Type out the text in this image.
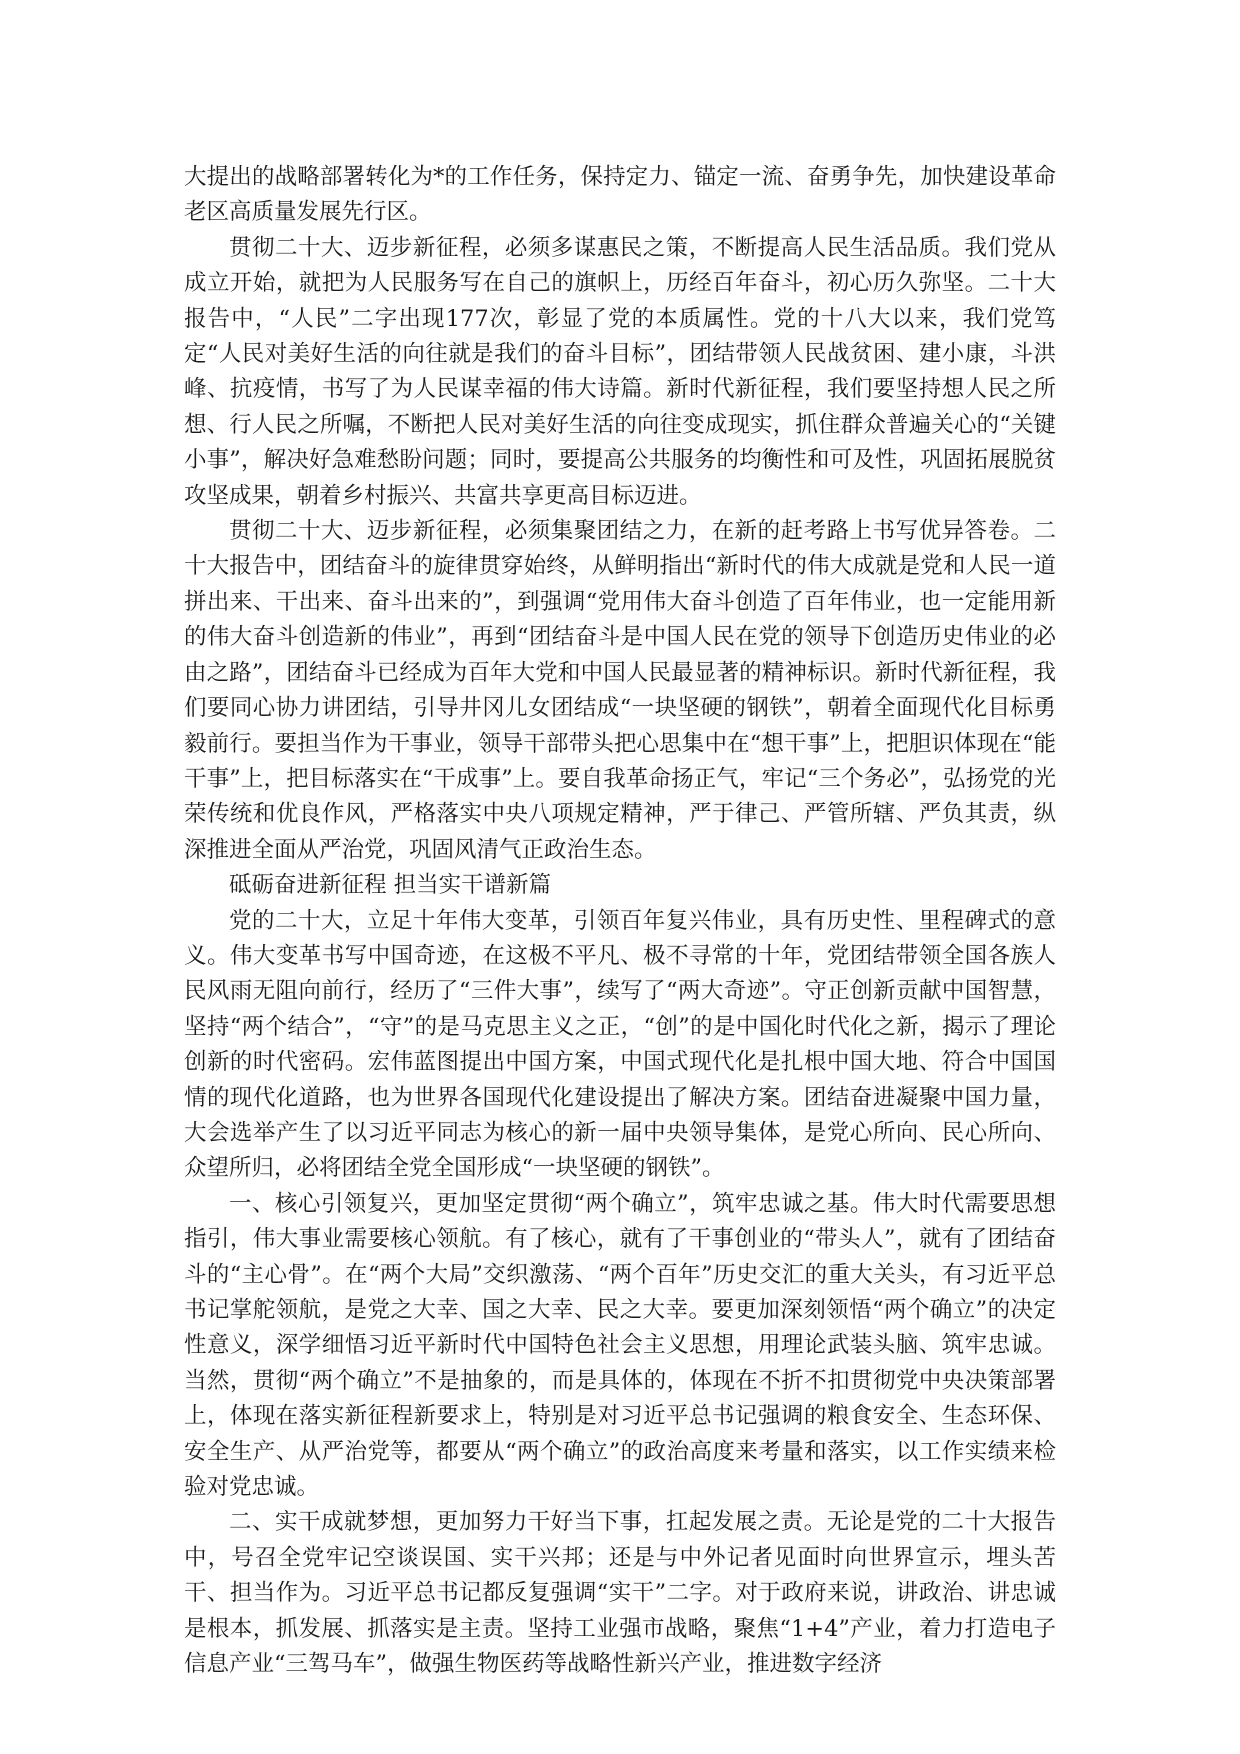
大提出的战略部署转化为*的工作任务，保持定力、锚定一流、奋勇争先，加快建设革命老区高质量发展先行区。

贯彻二十大、迈步新征程，必须多谋惠民之策，不断提高人民生活品质。我们党从成立开始，就把为人民服务写在自己的旗帜上，历经百年奋斗，初心历久弥坚。二十大报告中，“人民”二字出现177次，彰显了党的本质属性。党的十八大以来，我们党笃定“人民对美好生活的向往就是我们的奋斗目标”，团结带领人民战贫困、建小康，斗洪峰、抗疫情，书写了为人民谋幸福的伟大诗篇。新时代新征程，我们要坚持想人民之所想、行人民之所嘱，不断把人民对美好生活的向往变成现实，抓住群众普遍关心的“关键小事”，解决好急难愁盼问题；同时，要提高公共服务的均衡性和可及性，巩固拓展脱贫攻坚成果，朝着乡村振兴、共富共享更高目标迈进。

贯彻二十大、迈步新征程，必须集聚团结之力，在新的赶考路上书写优异答卷。二十大报告中，团结奋斗的旋律贯穿始终，从鲜明指出“新时代的伟大成就是党和人民一道拼出来、干出来、奋斗出来的”，到强调“党用伟大奋斗创造了百年伟业，也一定能用新的伟大奋斗创造新的伟业”，再到“团结奋斗是中国人民在党的领导下创造历史伟业的必由之路”，团结奋斗已经成为百年大党和中国人民最显著的精神标识。新时代新征程，我们要同心协力讲团结，引导井冈儿女团结成“一块坚硬的钢铁”，朝着全面现代化目标勇毅前行。要担当作为干事业，领导干部带头把心思集中在“想干事”上，把胆识体现在“能干事”上，把目标落实在“干成事”上。要自我革命扬正气，牢记“三个务必”，弘扬党的光荣传统和优良作风，严格落实中央八项规定精神，严于律己、严管所辖、严负其责，纵深推进全面从严治党，巩固风清气正政治生态。

砥砺奋进新征程 担当实干谱新篇

党的二十大，立足十年伟大变革，引领百年复兴伟业，具有历史性、里程碑式的意义。伟大变革书写中国奇迹，在这极不平凡、极不寻常的十年，党团结带领全国各族人民风雨无阻向前行，经历了“三件大事”，续写了“两大奇迹”。守正创新贡献中国智慧，坚持“两个结合”，“守”的是马克思主义之正，“创”的是中国化时代化之新，揭示了理论创新的时代密码。宏伟蓝图提出中国方案，中国式现代化是扎根中国大地、符合中国国情的现代化道路，也为世界各国现代化建设提出了解决方案。团结奋进凝聚中国力量，大会选举产生了以习近平同志为核心的新一届中央领导集体，是党心所向、民心所向、众望所归，必将团结全党全国形成“一块坚硬的钢铁”。

一、核心引领复兴，更加坚定贯彻“两个确立”，筑牢忠诚之基。伟大时代需要思想指引，伟大事业需要核心领航。有了核心，就有了干事创业的“带头人”，就有了团结奋斗的“主心骨”。在“两个大局”交织激荡、“两个百年”历史交汇的重大关头，有习近平总书记掌舵领航，是党之大幸、国之大幸、民之大幸。要更加深刻领悟“两个确立”的决定性意义，深学细悟习近平新时代中国特色社会主义思想，用理论武装头脑、筑牢忠诚。当然，贯彻“两个确立”不是抽象的，而是具体的，体现在不折不扣贯彻党中央决策部署上，体现在落实新征程新要求上，特别是对习近平总书记强调的粮食安全、生态环保、安全生产、从严治党等，都要从“两个确立”的政治高度来考量和落实，以工作实绩来检验对党忠诚。

二、实干成就梦想，更加努力干好当下事，扛起发展之责。无论是党的二十大报告中，号召全党牢记空谈误国、实干兴邦；还是与中外记者见面时向世界宣示，埋头苦干、担当作为。习近平总书记都反复强调“实干”二字。对于政府来说，讲政治、讲忠诚是根本，抓发展、抓落实是主责。坚持工业强市战略，聚焦“1+4”产业，着力打造电子信息产业“三驾马车”，做强生物医药等战略性新兴产业，推进数字经济
